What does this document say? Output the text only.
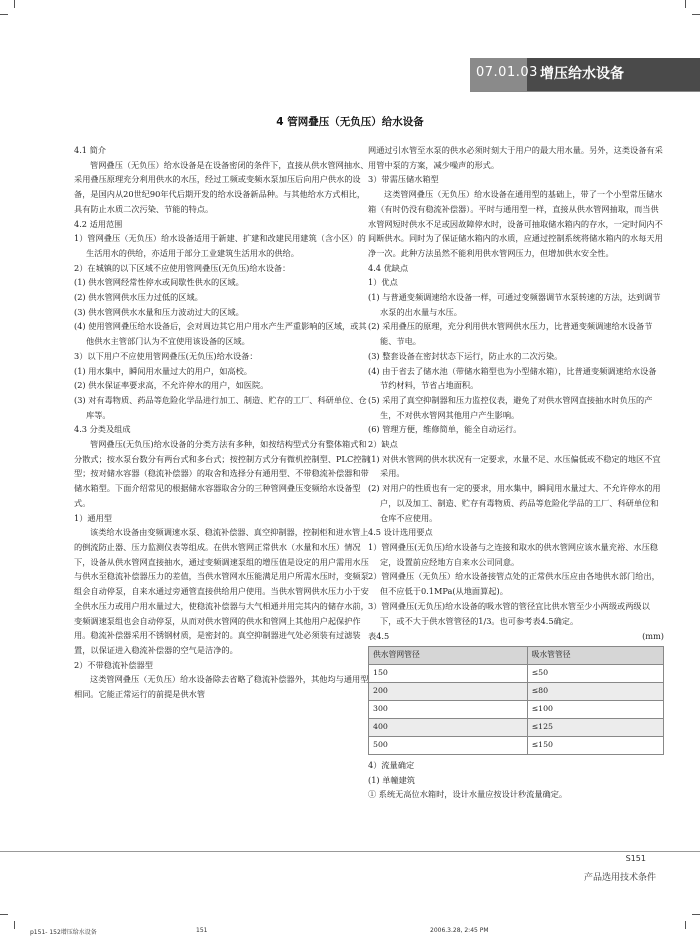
07.01.03 增压给水设备
4 管网叠压（无负压）给水设备

4.1 简介

管网叠压（无负压）给水设备是在设备密闭的条件下，直接从供水管网抽水、采用叠压原理充分利用供水的水压，经过工频或变频水泵加压后向用户供水的设备，是国内从20世纪90年代后期开发的给水设备新品种。与其他给水方式相比，具有防止水质二次污染、节能的特点。

4.2 适用范围

1）管网叠压（无负压）给水设备适用于新建、扩建和改建民用建筑（含小区）的生活用水的供给，亦适用于部分工业建筑生活用水的供给。

2）在城镇的以下区域不应使用管网叠压(无负压)给水设备：

(1) 供水管网经常性停水或间歇性供水的区域。

(2) 供水管网供水压力过低的区域。

(3) 供水管网供水水量和压力波动过大的区域。

(4) 使用管网叠压给水设备后，会对周边其它用户用水产生严重影响的区域，或其他供水主管部门认为不宜使用该设备的区域。

3）以下用户不应使用管网叠压(无负压)给水设备：

(1) 用水集中，瞬间用水量过大的用户，如高校。

(2) 供水保证率要求高，不允许停水的用户，如医院。

(3) 对有毒物质、药品等危险化学品进行加工、制造、贮存的工厂、科研单位、仓库等。

4.3 分类及组成

管网叠压(无负压)给水设备的分类方法有多种，如按结构型式分有整体箱式和分散式；按水泵台数分有两台式和多台式；按控制方式分有微机控制型、PLC控制型；按对储水容器（稳流补偿器）的取舍和选择分有通用型、不带稳流补偿器和带储水箱型。下面介绍常见的根据储水容器取舍分的三种管网叠压变频给水设备型式。

1）通用型

该类给水设备由变频调速水泵、稳流补偿器、真空抑制器，控制柜和进水管上的倒流防止器、压力监测仪表等组成。在供水管网正常供水（水量和水压）情况下，设备从供水管网直接抽水，通过变频调速泵组的增压值是设定的用户需用水压与供水至稳流补偿器压力的差值，当供水管网水压能满足用户所需水压时，变频泵组会自动停泵，自来水通过旁通管直接供给用户使用。当供水管网供水压力小于安全供水压力或用户用水量过大，使稳流补偿器与大气相通并用完其内的储存水前，变频调速泵组也会自动停泵，从而对供水管网的供水和管网上其他用户起保护作用。稳流补偿器采用不锈钢材质，是密封的。真空抑制器进气处必须装有过滤装置，以保证进入稳流补偿器的空气是洁净的。

2）不带稳流补偿器型

这类管网叠压（无负压）给水设备除去省略了稳流补偿器外，其他均与通用型相同。它能正常运行的前提是供水管

网通过引水管至水泵的供水必须时刻大于用户的最大用水量。另外，这类设备有采用管中泵的方案，减少噪声的形式。

3）带需压储水箱型

这类管网叠压（无负压）给水设备在通用型的基础上，带了一个小型常压储水箱（有时仍没有稳流补偿器）。平时与通用型一样，直接从供水管网抽取，而当供水管网短时供水不足或因故障停水时，设备可抽取储水箱内的存水，一定时间内不间断供水。同时为了保证储水箱内的水质，应通过控制系统将储水箱内的水每天用净一次。此种方法虽然不能利用供水管网压力，但增加供水安全性。

4.4 优缺点

1）优点

(1) 与普通变频调速给水设备一样，可通过变频器调节水泵转速的方法，达到调节水泵的出水量与水压。

(2) 采用叠压的原理，充分利用供水管网供水压力，比普通变频调速给水设备节能、节电。

(3) 整套设备在密封状态下运行，防止水的二次污染。

(4) 由于省去了储水池（带储水箱型也为小型储水箱），比普通变频调速给水设备节约材料，节省占地面积。

(5) 采用了真空抑制器和压力监控仪表，避免了对供水管网直接抽水时负压的产生，不对供水管网其他用户产生影响。

(6) 管理方便，维修简单，能全自动运行。

2）缺点

(1) 对供水管网的供水状况有一定要求，水量不足、水压偏低或不稳定的地区不宜采用。

(2) 对用户的性质也有一定的要求，用水集中，瞬间用水量过大、不允许停水的用户，以及加工、制造、贮存有毒物质、药品等危险化学品的工厂、科研单位和仓库不应使用。

4.5 设计选用要点

1）管网叠压(无负压)给水设备与之连接和取水的供水管网应该水量充裕、水压稳定，设置前应经地方自来水公司同意。

2）管网叠压（无负压）给水设备接管点处的正常供水压应由各地供水部门给出，但不应低于0.1MPa(从地面算起)。

3）管网叠压(无负压)给水设备的吸水管的管径宜比供水管至少小两级或两级以下，或不大于供水管管径的1/3。也可参考表4.5确定。

表4.5	(mm)
供水管网管径	吸水管管径
150	≤50
200	≤80
300	≤100
400	≤125
500	≤150

4）流量确定

(1) 单幢建筑

① 系统无高位水箱时，设计水量应按设计秒流量确定。

S151
产品选用技术条件
p151- 152增压给水设备	151	2006.3.28, 2:45 PM
